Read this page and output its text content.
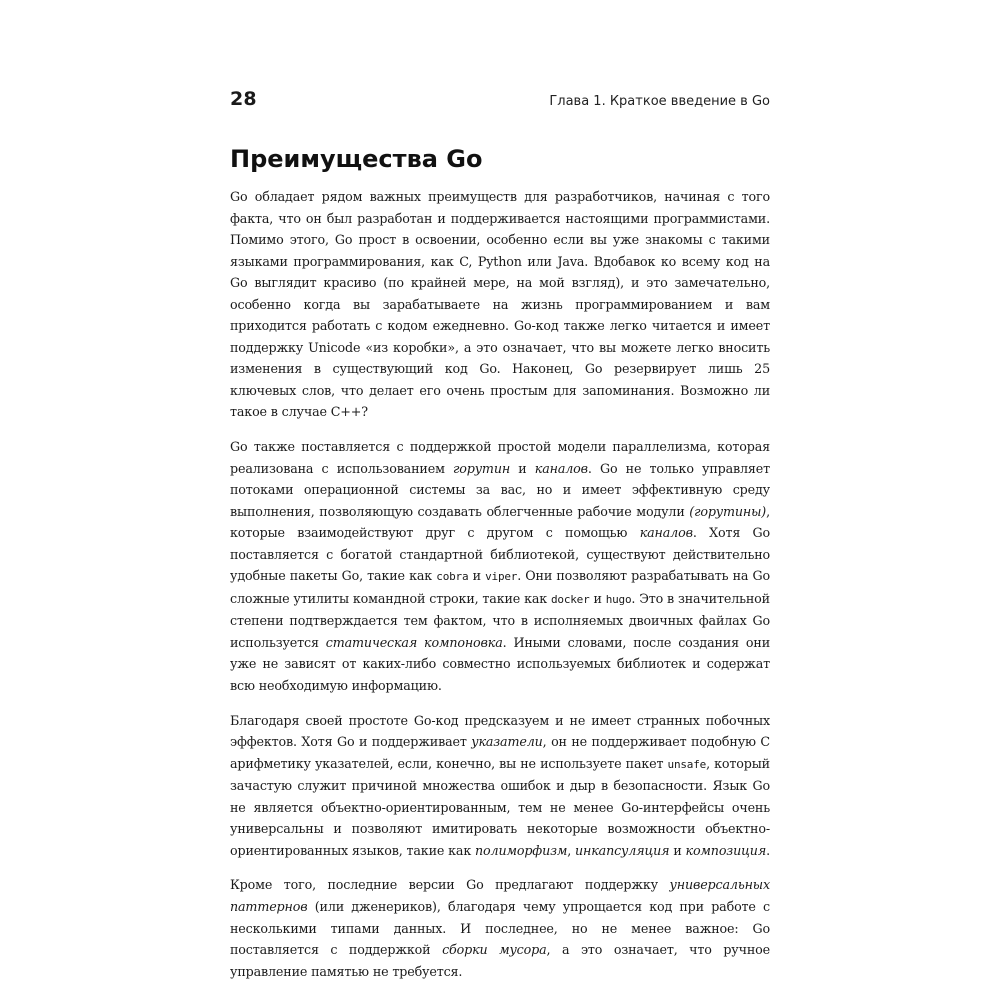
28	Глава 1. Краткое введение в Go
Преимущества Go

Go обладает рядом важных преимуществ для разработчиков, начиная с того факта, что он был разработан и поддерживается настоящими программистами. Помимо этого, Go прост в освоении, особенно если вы уже знакомы с такими языками программирования, как C, Python или Java. Вдобавок ко всему код на Go выглядит красиво (по крайней мере, на мой взгляд), и это замечательно, особенно когда вы зарабатываете на жизнь программированием и вам приходится работать с кодом ежедневно. Go-код также легко читается и имеет поддержку Unicode «из коробки», а это означает, что вы можете легко вносить изменения в существующий код Go. Наконец, Go резервирует лишь 25 ключевых слов, что делает его очень простым для запоминания. Возможно ли такое в случае C++?

Go также поставляется с поддержкой простой модели параллелизма, которая реализована с использованием горутин и каналов. Go не только управляет потоками операционной системы за вас, но и имеет эффективную среду выполнения, позволяющую создавать облегченные рабочие модули (горутины), которые взаимодействуют друг с другом с помощью каналов. Хотя Go поставляется с богатой стандартной библиотекой, существуют действительно удобные пакеты Go, такие как cobra и viper. Они позволяют разрабатывать на Go сложные утилиты командной строки, такие как docker и hugo. Это в значительной степени подтверждается тем фактом, что в исполняемых двоичных файлах Go используется статическая компоновка. Иными словами, после создания они уже не зависят от каких-либо совместно используемых библиотек и содержат всю необходимую информацию.

Благодаря своей простоте Go-код предсказуем и не имеет странных побочных эффектов. Хотя Go и поддерживает указатели, он не поддерживает подобную C арифметику указателей, если, конечно, вы не используете пакет unsafe, который зачастую служит причиной множества ошибок и дыр в безопасности. Язык Go не является объектно-ориентированным, тем не менее Go-интерфейсы очень универсальны и позволяют имитировать некоторые возможности объектно-ориентированных языков, такие как полиморфизм, инкапсуляция и композиция.

Кроме того, последние версии Go предлагают поддержку универсальных паттернов (или дженериков), благодаря чему упрощается код при работе с несколькими типами данных. И последнее, но не менее важное: Go поставляется с поддержкой сборки мусора, а это означает, что ручное управление памятью не требуется.
